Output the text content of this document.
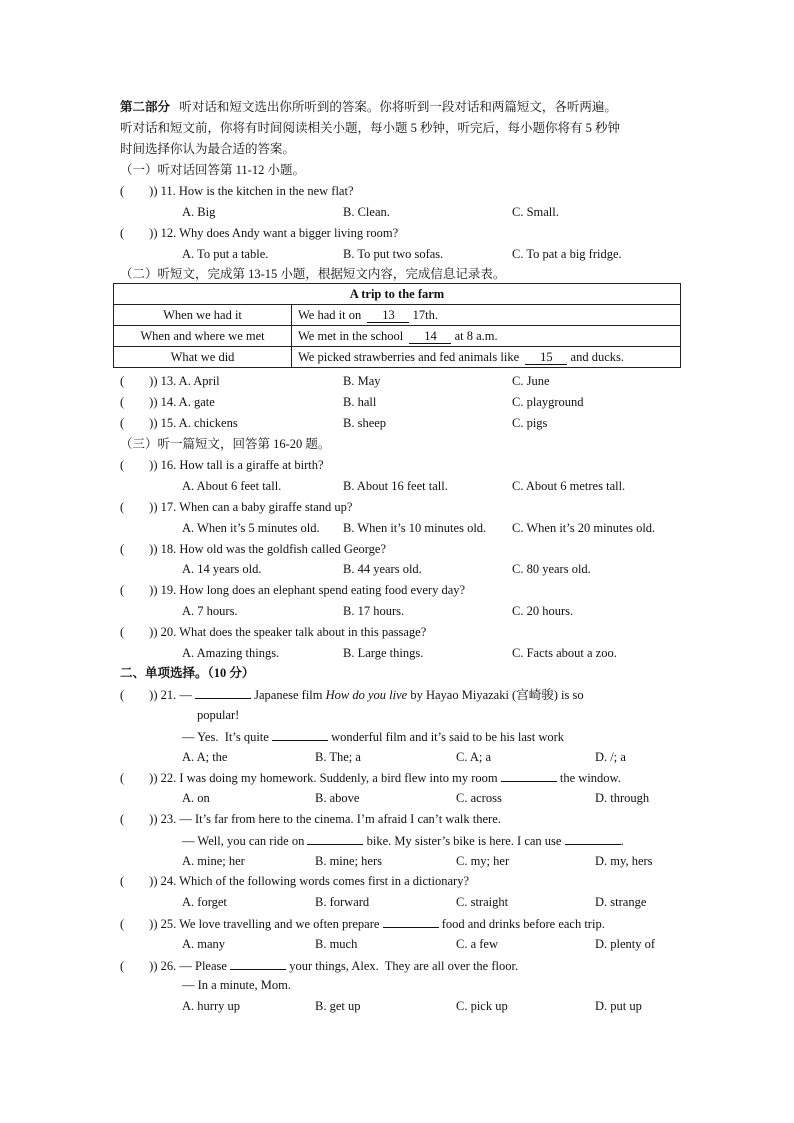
第二部分 听对话和短文选出你所听到的答案。你将听到一段对话和两篇短文，各听两遍。
听对话和短文前，你将有时间阅读相关小题，每小题 5 秒钟，听完后，每小题你将有 5 秒钟
时间选择你认为最合适的答案。
（一）听对话回答第 11-12 小题。
(        )) 11. How is the kitchen in the new flat?
A. Big	B. Clean.	C. Small.
(        )) 12. Why does Andy want a bigger living room?
A. To put a table.	B. To put two sofas.	C. To pat a big fridge.
（二）听短文，完成第 13-15 小题，根据短文内容，完成信息记录表。
A trip to the farm	
When we had it	We had it on  13 17th.
When and where we met	We met in the school  14 at 8 a.m.
What we did	We picked strawberries and fed animals like  15 and ducks.
(        )) 13. A. April	B. May	C. June
(        )) 14. A. gate	B. hall	C. playground
(        )) 15. A. chickens	B. sheep	C. pigs
（三）听一篇短文，回答第 16-20 题。
(        )) 16. How tall is a giraffe at birth?
A. About 6 feet tall.	B. About 16 feet tall.	C. About 6 metres tall.
(        )) 17. When can a baby giraffe stand up?
A. When it’s 5 minutes old. B. When it’s 10 minutes old. C. When it’s 20 minutes old.
(        )) 18. How old was the goldfish called George?
A. 14 years old.	B. 44 years old.	C. 80 years old.
(        )) 19. How long does an elephant spend eating food every day?
A. 7 hours.	B. 17 hours.	C. 20 hours.
(        )) 20. What does the speaker talk about in this passage?
A. Amazing things.	B. Large things.	C. Facts about a zoo.
二、单项选择。（10 分）
(        )) 21. —	Japanese film How do you live by Hayao Miyazaki (宫崎骏) is so
popular!
— Yes.  It’s quite	wonderful film and it’s said to be his last work
A. A; the	B. The; a	C. A; a	D. /; a
(        )) 22. I was doing my homework. Suddenly, a bird flew into my room	the window.
A. on	B. above	C. across	D. through
(        )) 23. — It’s far from here to the cinema. I’m afraid I can’t walk there.
— Well, you can ride on	bike. My sister’s bike is here. I can use	.
A. mine; her	B. mine; hers	C. my; her	D. my, hers
(        )) 24. Which of the following words comes first in a dictionary?
A. forget	B. forward	C. straight	D. strange
(        )) 25. We love travelling and we often prepare	food and drinks before each trip.
A. many	B. much	C. a few	D. plenty of
(        )) 26. — Please	your things, Alex.  They are all over the floor.
— In a minute, Mom.
A. hurry up	B. get up	C. pick up	D. put up
